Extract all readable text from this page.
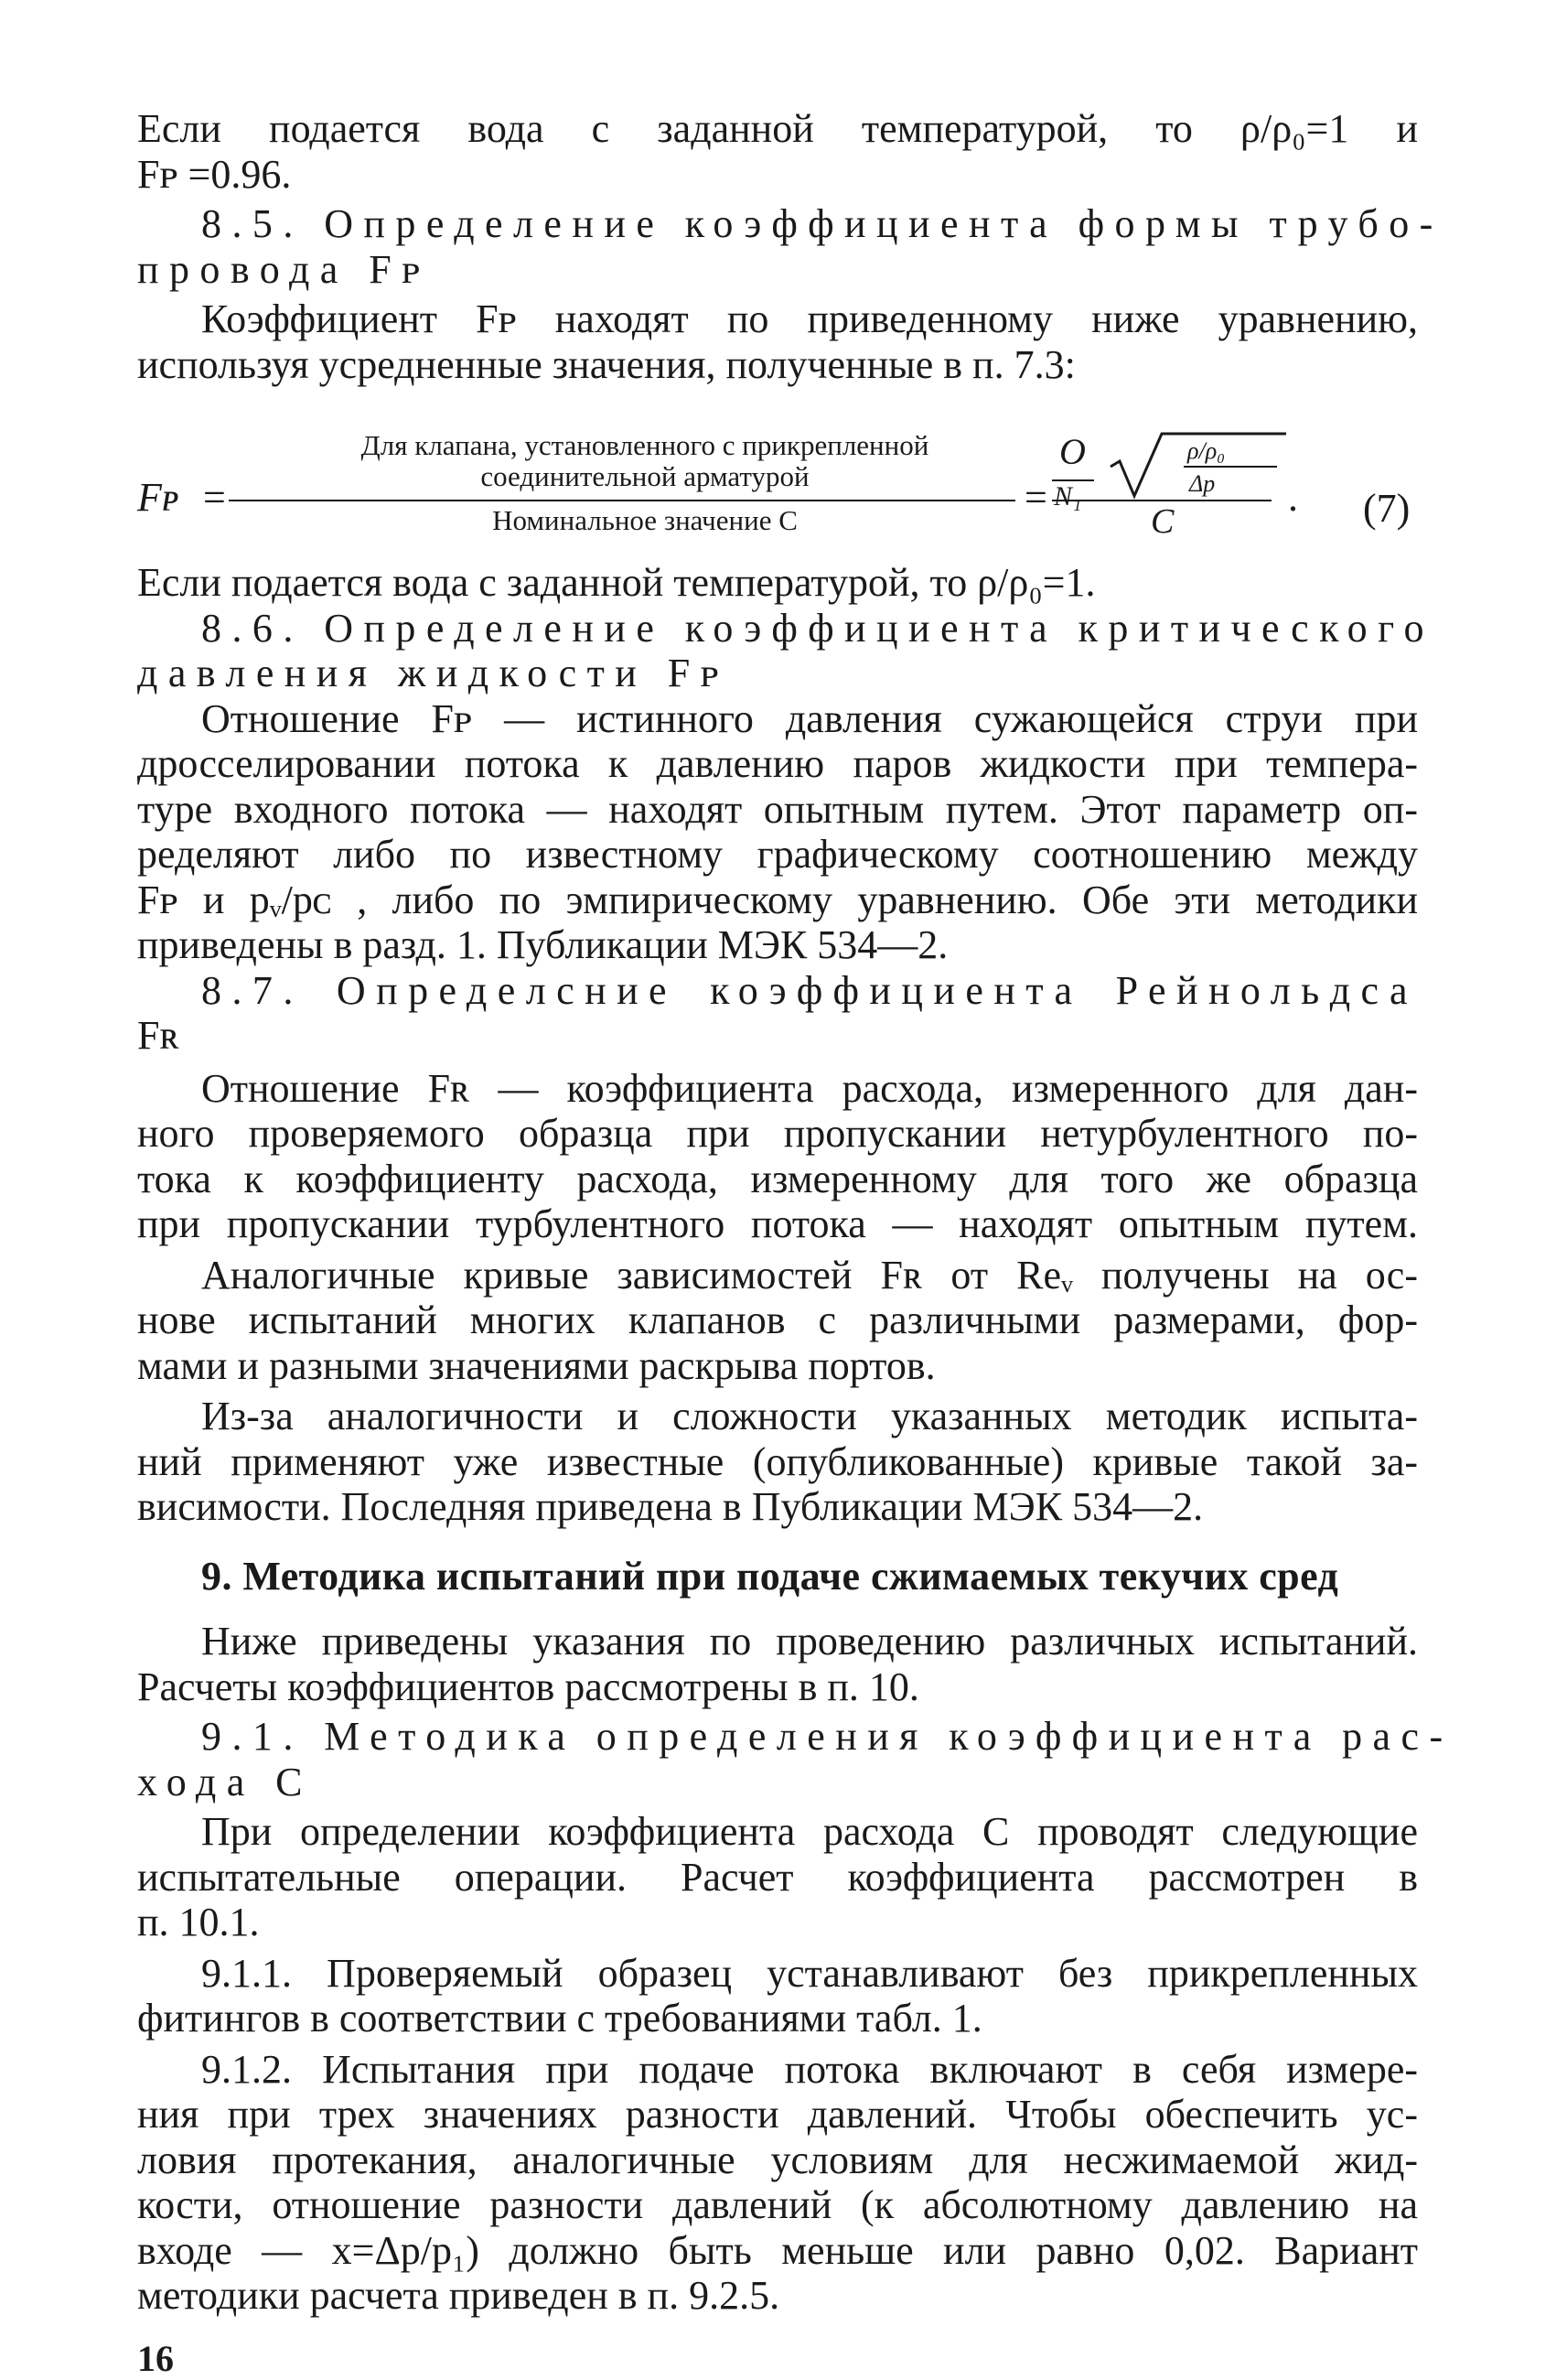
Если подается вода с заданной температурой, то ρ/ρ₀=1 и
Fᴘ =0.96.
8.5. Определение коэффициента формы трубо-
провода Fᴘ
Коэффициент Fᴘ находят по приведенному ниже уравнению,
используя усредненные значения, полученные в п. 7.3:
Fᴘ =
Для клапана, установленного с прикрепленной
соединительной арматурой
Номинальное значение C
=
O
N₁
ρ/ρ₀
Δp
C
. (7)
Если подается вода с заданной температурой, то ρ/ρ₀=1.
8.6. Определение коэффициента критического
давления жидкости Fᴘ
Отношение Fᴘ — истинного давления сужающейся струи при
дросселировании потока к давлению паров жидкости при темпера-
туре входного потока — находят опытным путем. Этот параметр оп-
ределяют либо по известному графическому соотношению между
Fᴘ и pᵥ/pᴄ , либо по эмпирическому уравнению. Обе эти методики
приведены в разд. 1. Публикации МЭК 534—2.
8.7. Определсние коэффициента Рейнольдса
Fʀ
Отношение Fʀ — коэффициента расхода, измеренного для дан-
ного проверяемого образца при пропускании нетурбулентного по-
тока к коэффициенту расхода, измеренному для того же образца
при пропускании турбулентного потока — находят опытным путем.
Аналогичные кривые зависимостей Fʀ от Reᵥ получены на ос-
нове испытаний многих клапанов с различными размерами, фор-
мами и разными значениями раскрыва портов.
Из-за аналогичности и сложности указанных методик испыта-
ний применяют уже известные (опубликованные) кривые такой за-
висимости. Последняя приведена в Публикации МЭК 534—2.
9. Методика испытаний при подаче сжимаемых текучих сред
Ниже приведены указания по проведению различных испытаний.
Расчеты коэффициентов рассмотрены в п. 10.
9.1. Методика определения коэффициента рас-
хода C
При определении коэффициента расхода C проводят следующие
испытательные операции. Расчет коэффициента рассмотрен в
п. 10.1.
9.1.1. Проверяемый образец устанавливают без прикрепленных
фитингов в соответствии с требованиями табл. 1.
9.1.2. Испытания при подаче потока включают в себя измере-
ния при трех значениях разности давлений. Чтобы обеспечить ус-
ловия протекания, аналогичные условиям для несжимаемой жид-
кости, отношение разности давлений (к абсолютному давлению на
входе — x=Δp/p₁) должно быть меньше или равно 0,02. Вариант
методики расчета приведен в п. 9.2.5.
16
